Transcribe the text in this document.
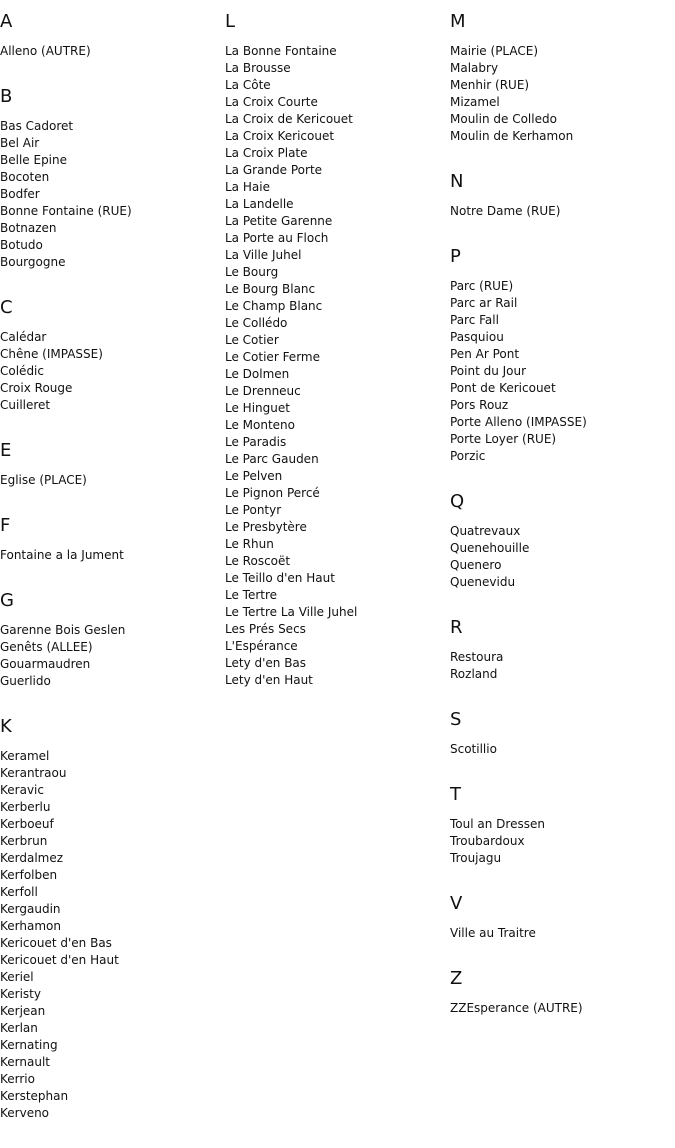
A
Alleno (AUTRE)
B
Bas Cadoret
Bel Air
Belle Epine
Bocoten
Bodfer
Bonne Fontaine (RUE)
Botnazen
Botudo
Bourgogne
C
Calédar
Chêne (IMPASSE)
Colédic
Croix Rouge
Cuilleret
E
Eglise (PLACE)
F
Fontaine a la Jument
G
Garenne Bois Geslen
Genêts (ALLEE)
Gouarmaudren
Guerlido
K
Keramel
Kerantraou
Keravic
Kerberlu
Kerboeuf
Kerbrun
Kerdalmez
Kerfolben
Kerfoll
Kergaudin
Kerhamon
Kericouet d'en Bas
Kericouet d'en Haut
Keriel
Keristy
Kerjean
Kerlan
Kernating
Kernault
Kerrio
Kerstephan
Kerveno
L
La Bonne Fontaine
La Brousse
La Côte
La Croix Courte
La Croix de Kericouet
La Croix Kericouet
La Croix Plate
La Grande Porte
La Haie
La Landelle
La Petite Garenne
La Porte au Floch
La Ville Juhel
Le Bourg
Le Bourg Blanc
Le Champ Blanc
Le Collédo
Le Cotier
Le Cotier Ferme
Le Dolmen
Le Drenneuc
Le Hinguet
Le Monteno
Le Paradis
Le Parc Gauden
Le Pelven
Le Pignon Percé
Le Pontyr
Le Presbytère
Le Rhun
Le Roscoët
Le Teillo d'en Haut
Le Tertre
Le Tertre La Ville Juhel
Les Prés Secs
L'Espérance
Lety d'en Bas
Lety d'en Haut
M
Mairie (PLACE)
Malabry
Menhir (RUE)
Mizamel
Moulin de Colledo
Moulin de Kerhamon
N
Notre Dame (RUE)
P
Parc (RUE)
Parc ar Rail
Parc Fall
Pasquiou
Pen Ar Pont
Point du Jour
Pont de Kericouet
Pors Rouz
Porte Alleno (IMPASSE)
Porte Loyer (RUE)
Porzic
Q
Quatrevaux
Quenehouille
Quenero
Quenevidu
R
Restoura
Rozland
S
Scotillio
T
Toul an Dressen
Troubardoux
Troujagu
V
Ville au Traitre
Z
ZZEsperance (AUTRE)
